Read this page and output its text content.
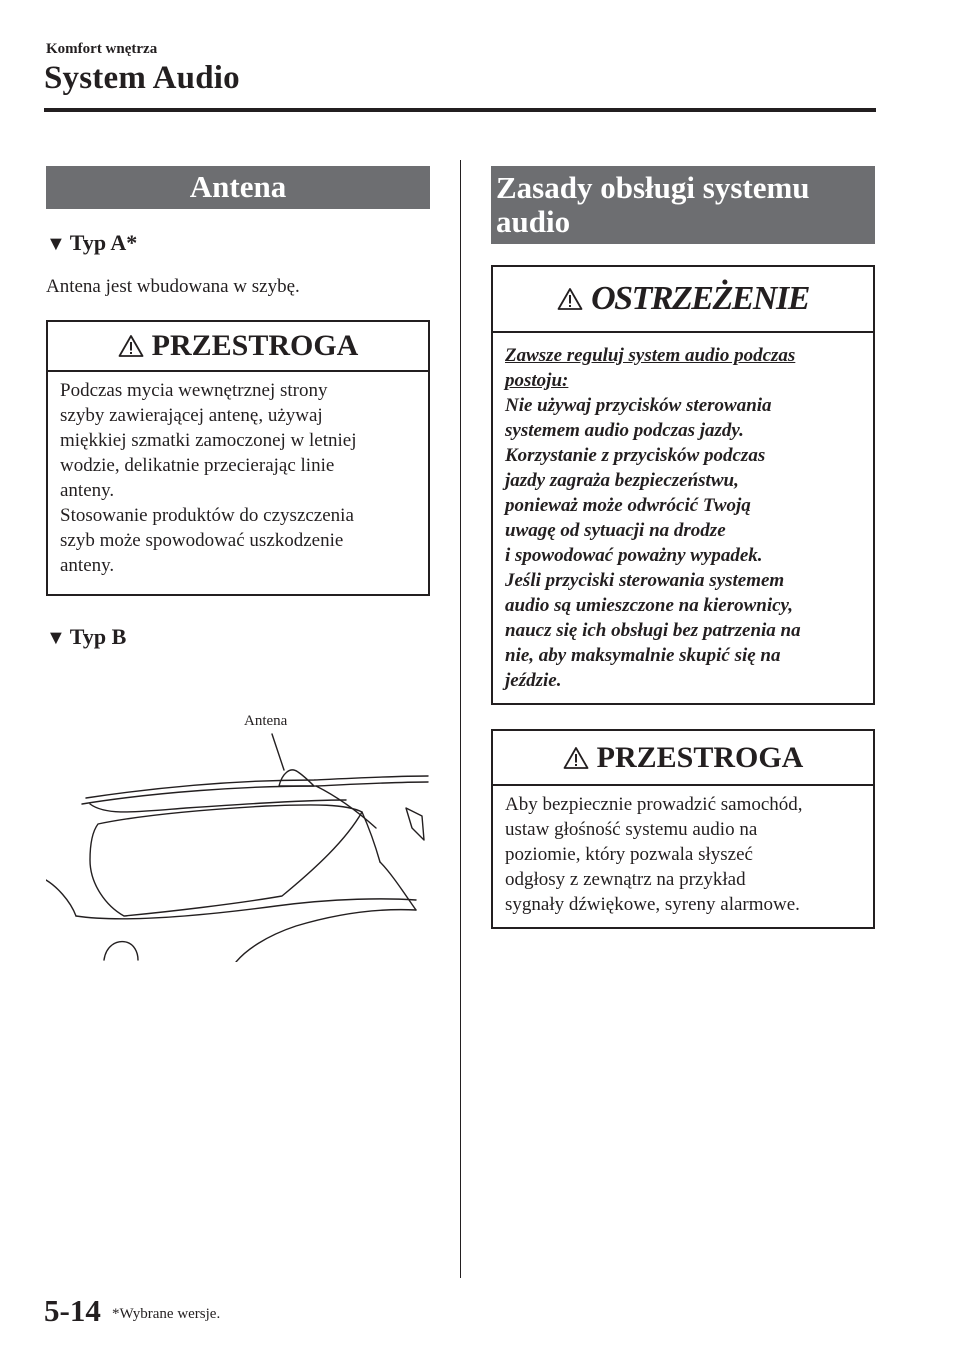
Komfort wnętrza
System Audio
Antena
▼ Typ A*
Antena jest wbudowana w szybę.
PRZESTROGA
Podczas mycia wewnętrznej strony
szyby zawierającej antenę, używaj
miękkiej szmatki zamoczonej w letniej
wodzie, delikatnie przecierając linie
anteny.
Stosowanie produktów do czyszczenia
szyb może spowodować uszkodzenie
anteny.
▼ Typ B
Antena
Zasady obsługi systemu
audio
OSTRZEŻENIE
Zawsze reguluj system audio podczas
postoju:
Nie używaj przycisków sterowania
systemem audio podczas jazdy.
Korzystanie z przycisków podczas
jazdy zagraża bezpieczeństwu,
ponieważ może odwrócić Twoją
uwagę od sytuacji na drodze
i spowodować poważny wypadek.
Jeśli przyciski sterowania systemem
audio są umieszczone na kierownicy,
naucz się ich obsługi bez patrzenia na
nie, aby maksymalnie skupić się na
jeździe.
PRZESTROGA
Aby bezpiecznie prowadzić samochód,
ustaw głośność systemu audio na
poziomie, który pozwala słyszeć
odgłosy z zewnątrz na przykład
sygnały dźwiękowe, syreny alarmowe.
5-14 *Wybrane wersje.
